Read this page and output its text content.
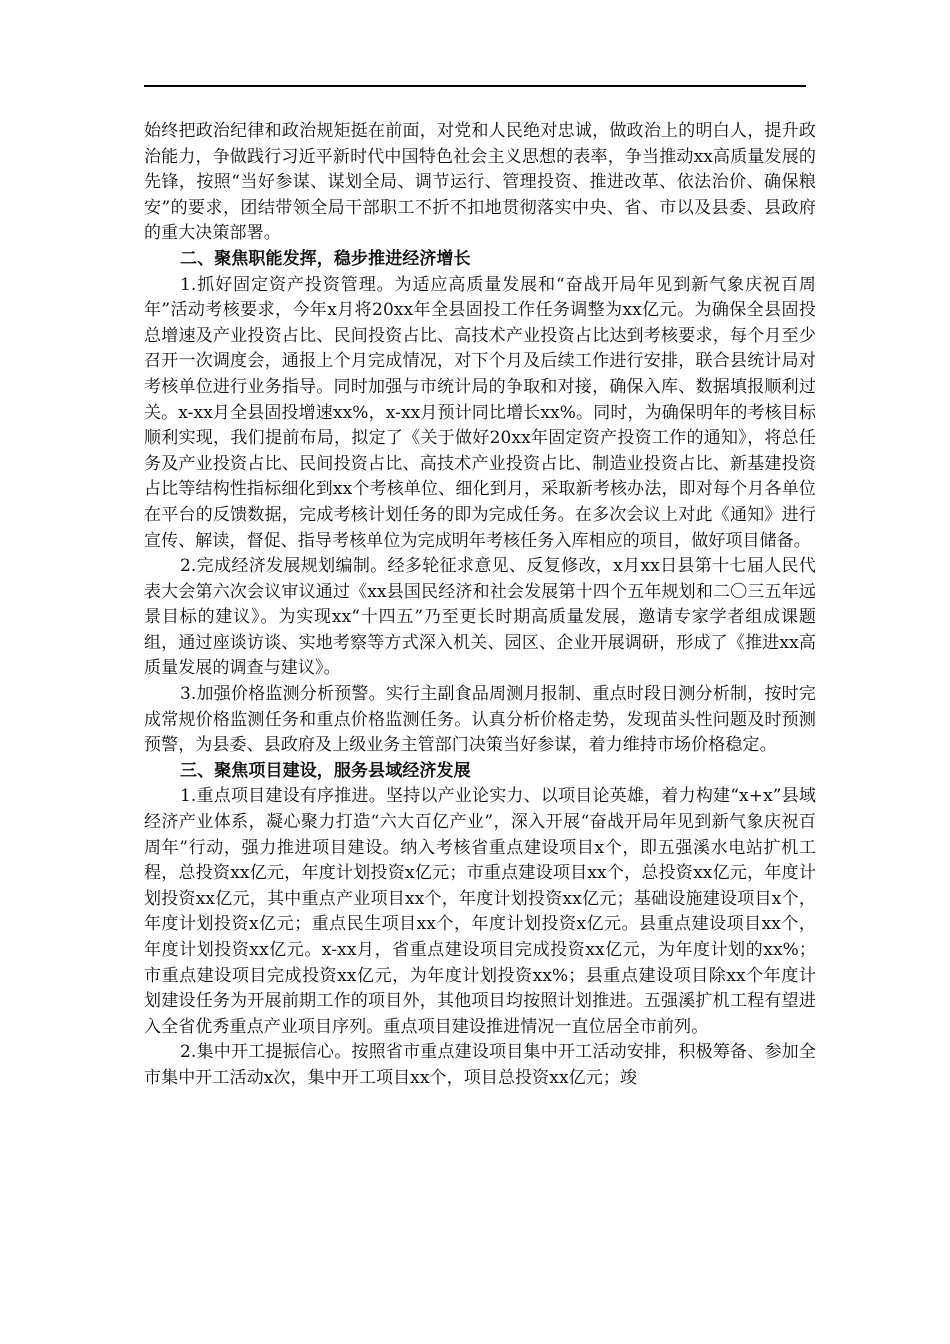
始终把政治纪律和政治规矩挺在前面，对党和人民绝对忠诚，做政治上的明白人，提升政治能力，争做践行习近平新时代中国特色社会主义思想的表率，争当推动xx高质量发展的先锋，按照“当好参谋、谋划全局、调节运行、管理投资、推进改革、依法治价、确保粮安”的要求，团结带领全局干部职工不折不扣地贯彻落实中央、省、市以及县委、县政府的重大决策部署。

二、聚焦职能发挥，稳步推进经济增长

1.抓好固定资产投资管理。为适应高质量发展和“奋战开局年见到新气象庆祝百周年”活动考核要求，今年x月将20xx年全县固投工作任务调整为xx亿元。为确保全县固投总增速及产业投资占比、民间投资占比、高技术产业投资占比达到考核要求，每个月至少召开一次调度会，通报上个月完成情况，对下个月及后续工作进行安排，联合县统计局对考核单位进行业务指导。同时加强与市统计局的争取和对接，确保入库、数据填报顺利过关。x-xx月全县固投增速xx%，x-xx月预计同比增长xx%。同时，为确保明年的考核目标顺利实现，我们提前布局，拟定了《关于做好20xx年固定资产投资工作的通知》，将总任务及产业投资占比、民间投资占比、高技术产业投资占比、制造业投资占比、新基建投资占比等结构性指标细化到xx个考核单位、细化到月，采取新考核办法，即对每个月各单位在平台的反馈数据，完成考核计划任务的即为完成任务。在多次会议上对此《通知》进行宣传、解读，督促、指导考核单位为完成明年考核任务入库相应的项目，做好项目储备。

2.完成经济发展规划编制。经多轮征求意见、反复修改，x月xx日县第十七届人民代表大会第六次会议审议通过《xx县国民经济和社会发展第十四个五年规划和二〇三五年远景目标的建议》。为实现xx“十四五”乃至更长时期高质量发展，邀请专家学者组成课题组，通过座谈访谈、实地考察等方式深入机关、园区、企业开展调研，形成了《推进xx高质量发展的调查与建议》。

3.加强价格监测分析预警。实行主副食品周测月报制、重点时段日测分析制，按时完成常规价格监测任务和重点价格监测任务。认真分析价格走势，发现苗头性问题及时预测预警，为县委、县政府及上级业务主管部门决策当好参谋，着力维持市场价格稳定。

三、聚焦项目建设，服务县域经济发展

1.重点项目建设有序推进。坚持以产业论实力、以项目论英雄，着力构建“x+x”县域经济产业体系，凝心聚力打造“六大百亿产业”，深入开展“奋战开局年见到新气象庆祝百周年”行动，强力推进项目建设。纳入考核省重点建设项目x个，即五强溪水电站扩机工程，总投资xx亿元，年度计划投资x亿元；市重点建设项目xx个，总投资xx亿元，年度计划投资xx亿元，其中重点产业项目xx个，年度计划投资xx亿元；基础设施建设项目x个，年度计划投资x亿元；重点民生项目xx个，年度计划投资x亿元。县重点建设项目xx个，年度计划投资xx亿元。x-xx月，省重点建设项目完成投资xx亿元，为年度计划的xx%；市重点建设项目完成投资xx亿元，为年度计划投资xx%；县重点建设项目除xx个年度计划建设任务为开展前期工作的项目外，其他项目均按照计划推进。五强溪扩机工程有望进入全省优秀重点产业项目序列。重点项目建设推进情况一直位居全市前列。

2.集中开工提振信心。按照省市重点建设项目集中开工活动安排，积极筹备、参加全市集中开工活动x次，集中开工项目xx个，项目总投资xx亿元；竣
